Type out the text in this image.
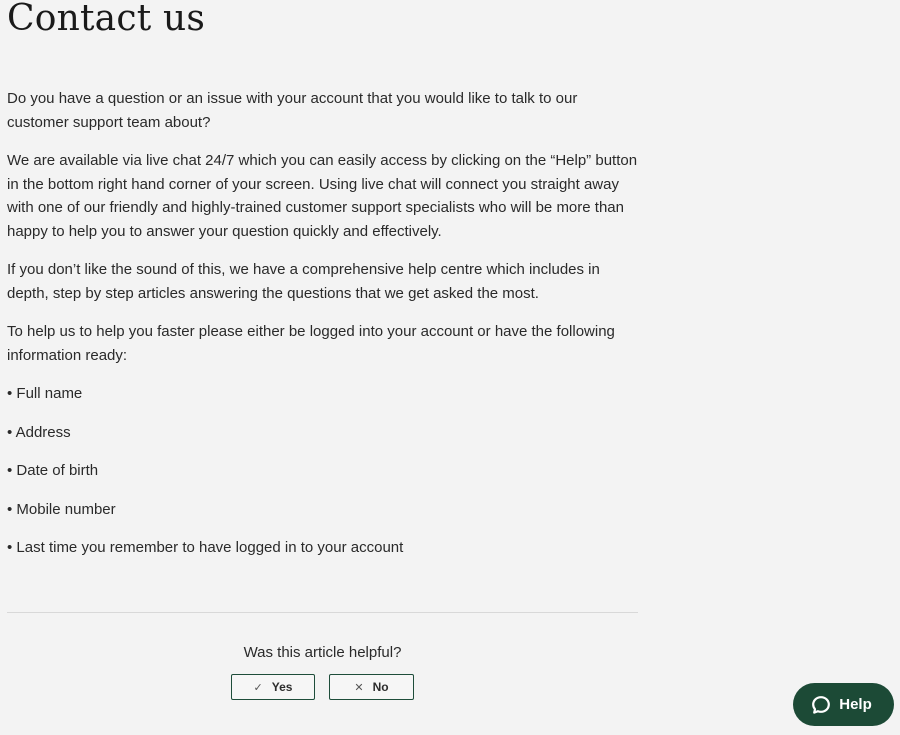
Contact us

Do you have a question or an issue with your account that you would like to talk to our customer support team about?

We are available via live chat 24/7 which you can easily access by clicking on the “Help” button in the bottom right hand corner of your screen. Using live chat will connect you straight away with one of our friendly and highly-trained customer support specialists who will be more than happy to help you to answer your question quickly and effectively.

If you don’t like the sound of this, we have a comprehensive help centre which includes in depth, step by step articles answering the questions that we get asked the most.

To help us to help you faster please either be logged into your account or have the following information ready:

• Full name

• Address

• Date of birth

• Mobile number

• Last time you remember to have logged in to your account

Was this article helpful?

✓ Yes	✕ No
Help
